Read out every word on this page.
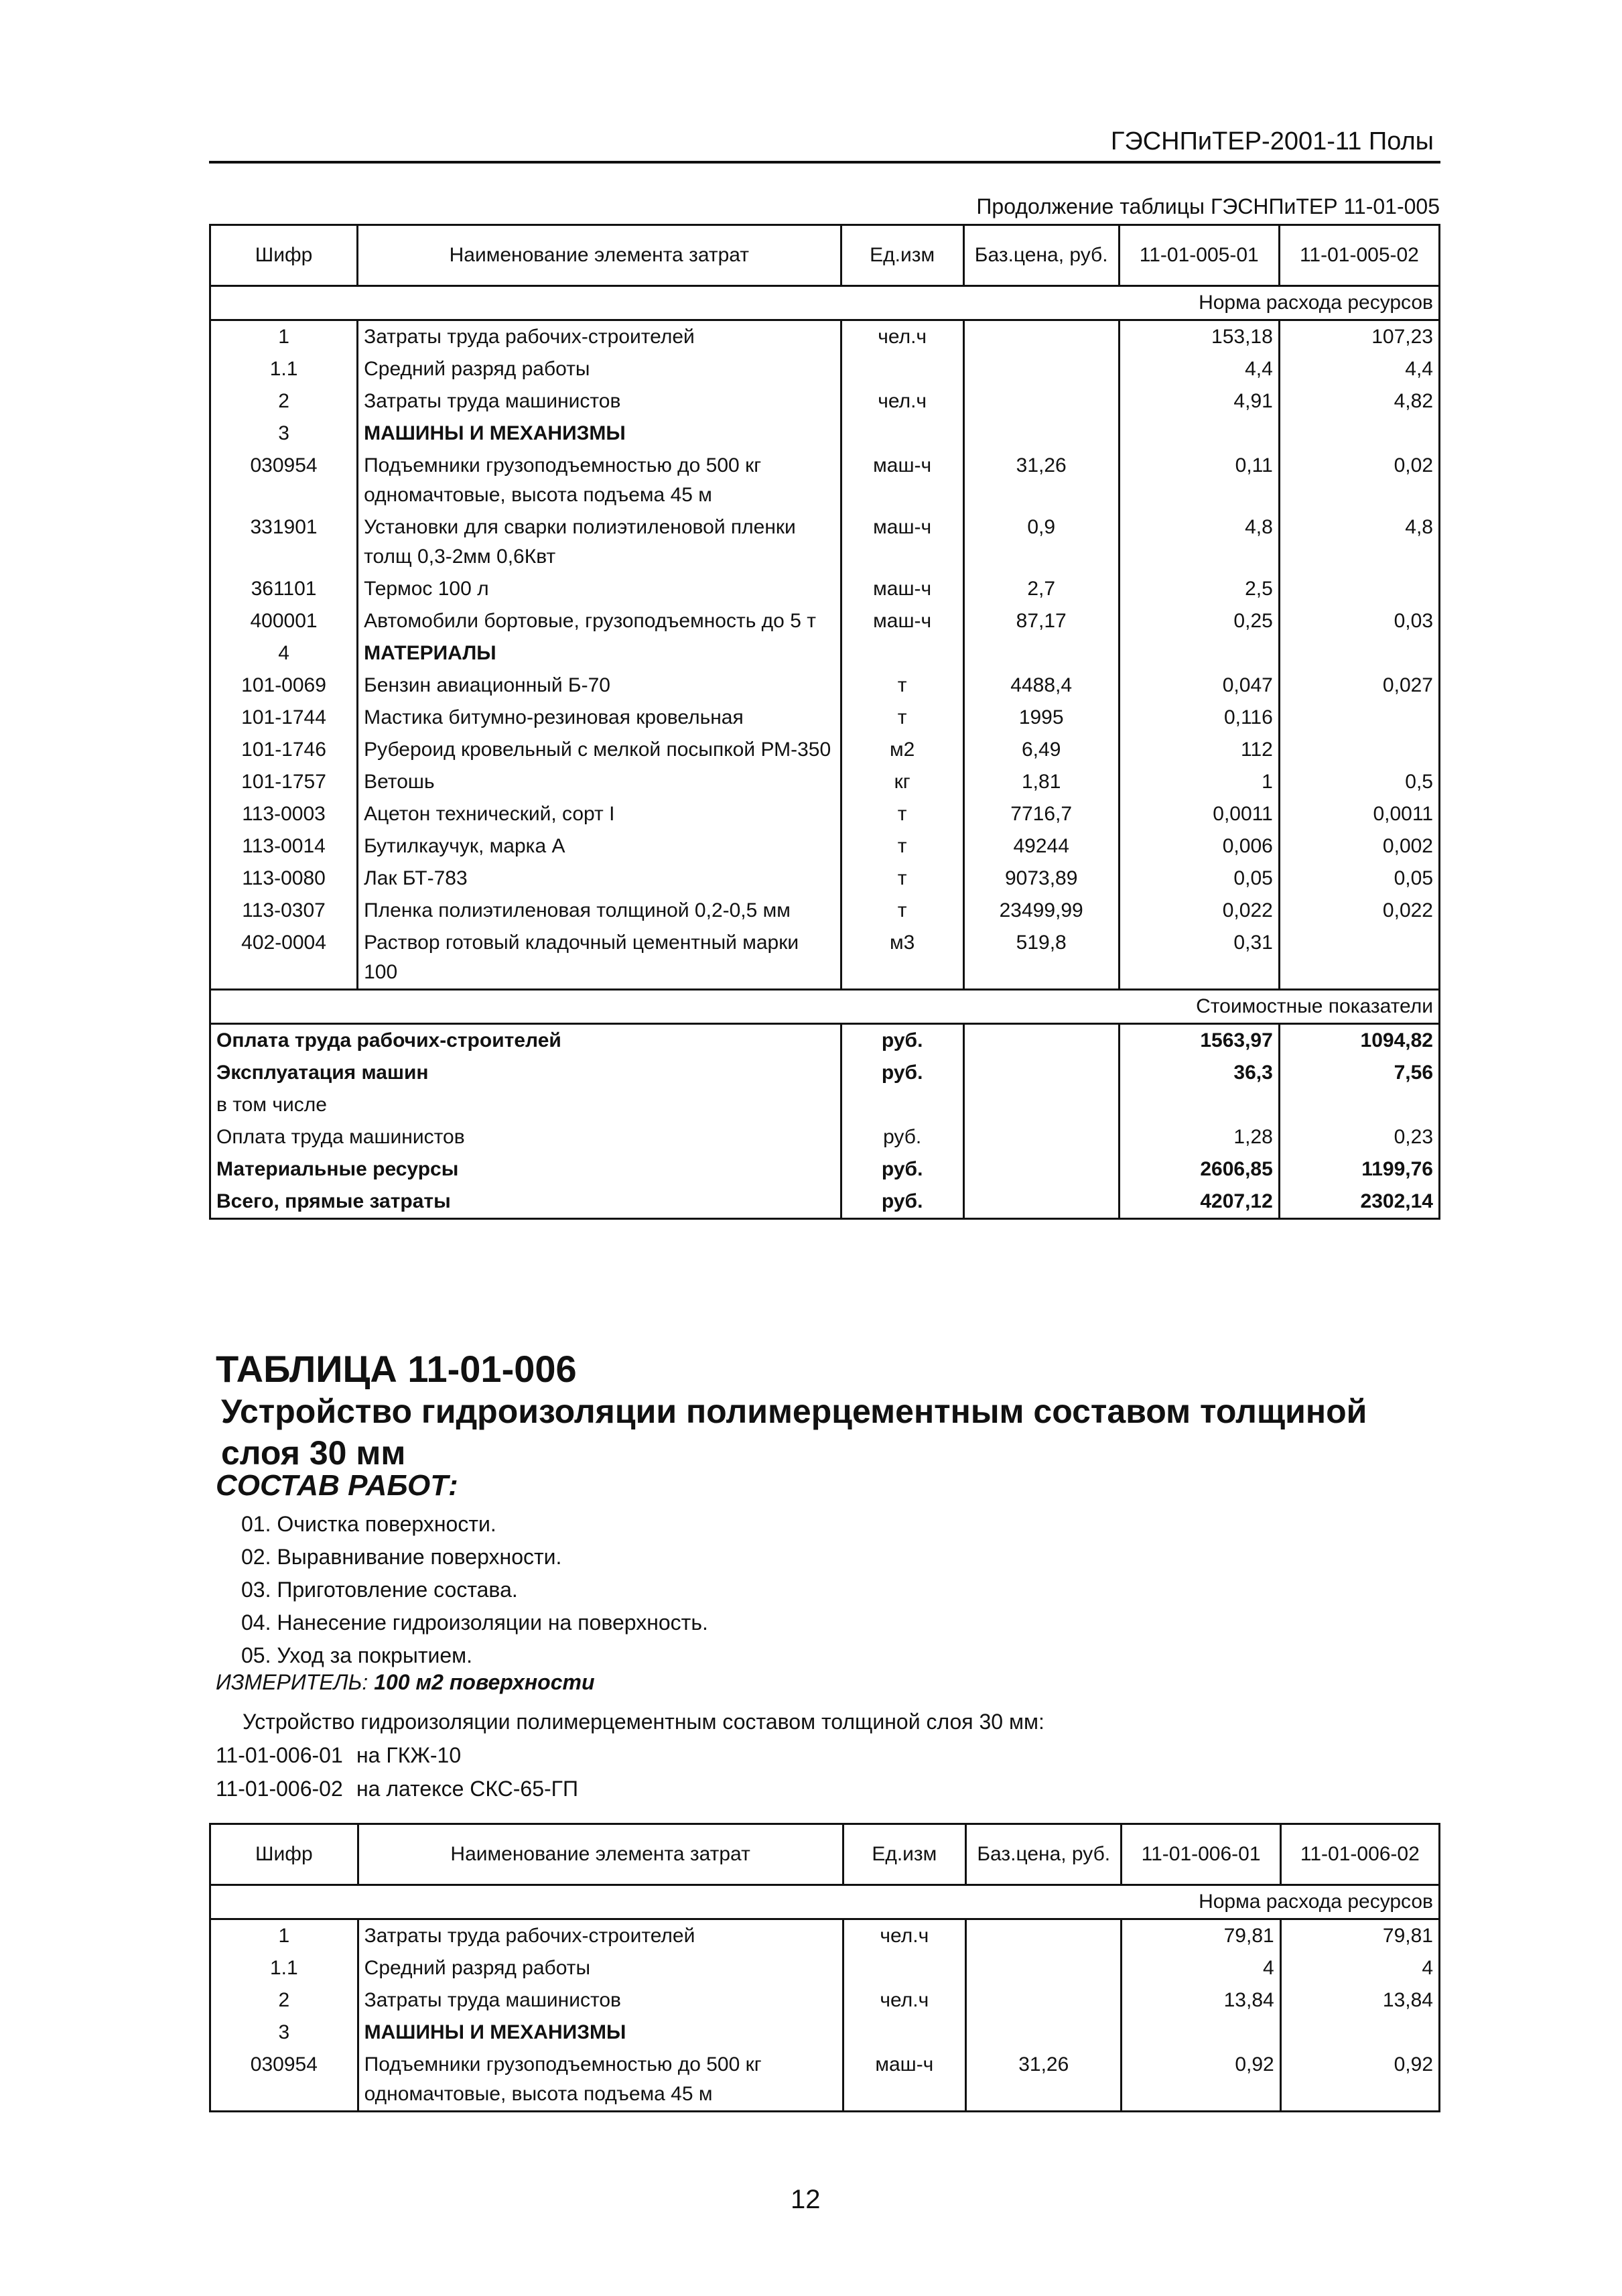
ГЭСНПиТЕР-2001-11 Полы
Продолжение таблицы ГЭСНПиТЕР 11-01-005
Шифр	Наименование элемента затрат	Ед.изм	Баз.цена, руб.	11-01-005-01	11-01-005-02
Норма расхода ресурсов					
1	Затраты труда рабочих-строителей	чел.ч		153,18	107,23
1.1	Средний разряд работы			4,4	4,4
2	Затраты труда машинистов	чел.ч		4,91	4,82
3	МАШИНЫ И МЕХАНИЗМЫ				
030954	Подъемники грузоподъемностью до 500 кг одномачтовые, высота подъема 45 м	маш-ч	31,26	0,11	0,02
331901	Установки для сварки полиэтиленовой пленки толщ 0,3-2мм 0,6Квт	маш-ч	0,9	4,8	4,8
361101	Термос 100 л	маш-ч	2,7	2,5	
400001	Автомобили бортовые, грузоподъемность до 5 т	маш-ч	87,17	0,25	0,03
4	МАТЕРИАЛЫ				
101-0069	Бензин авиационный Б-70	т	4488,4	0,047	0,027
101-1744	Мастика битумно-резиновая кровельная	т	1995	0,116	
101-1746	Рубероид кровельный с мелкой посыпкой РМ-350	м2	6,49	112	
101-1757	Ветошь	кг	1,81	1	0,5
113-0003	Ацетон технический, сорт I	т	7716,7	0,0011	0,0011
113-0014	Бутилкаучук, марка А	т	49244	0,006	0,002
113-0080	Лак БТ-783	т	9073,89	0,05	0,05
113-0307	Пленка полиэтиленовая толщиной 0,2-0,5 мм	т	23499,99	0,022	0,022
402-0004	Раствор готовый кладочный цементный марки 100	м3	519,8	0,31	
Стоимостные показатели					
Оплата труда рабочих-строителей		руб.		1563,97	1094,82
Эксплуатация машин		руб.		36,3	7,56
в том числе					
Оплата труда машинистов		руб.		1,28	0,23
Материальные ресурсы		руб.		2606,85	1199,76
Всего, прямые затраты		руб.		4207,12	2302,14
ТАБЛИЦА 11-01-006
Устройство гидроизоляции полимерцементным составом толщиной слоя 30 мм
СОСТАВ РАБОТ:
01. Очистка поверхности.
02. Выравнивание поверхности.
03. Приготовление состава.
04. Нанесение гидроизоляции на поверхность.
05. Уход за покрытием.
ИЗМЕРИТЕЛЬ: 100 м2 поверхности
Устройство гидроизоляции полимерцементным составом толщиной слоя 30 мм:
11-01-006-01 на ГКЖ-10
11-01-006-02 на латексе СКС-65-ГП
Шифр	Наименование элемента затрат	Ед.изм	Баз.цена, руб.	11-01-006-01	11-01-006-02
Норма расхода ресурсов					
1	Затраты труда рабочих-строителей	чел.ч		79,81	79,81
1.1	Средний разряд работы			4	4
2	Затраты труда машинистов	чел.ч		13,84	13,84
3	МАШИНЫ И МЕХАНИЗМЫ				
030954	Подъемники грузоподъемностью до 500 кг одномачтовые, высота подъема 45 м	маш-ч	31,26	0,92	0,92
12
